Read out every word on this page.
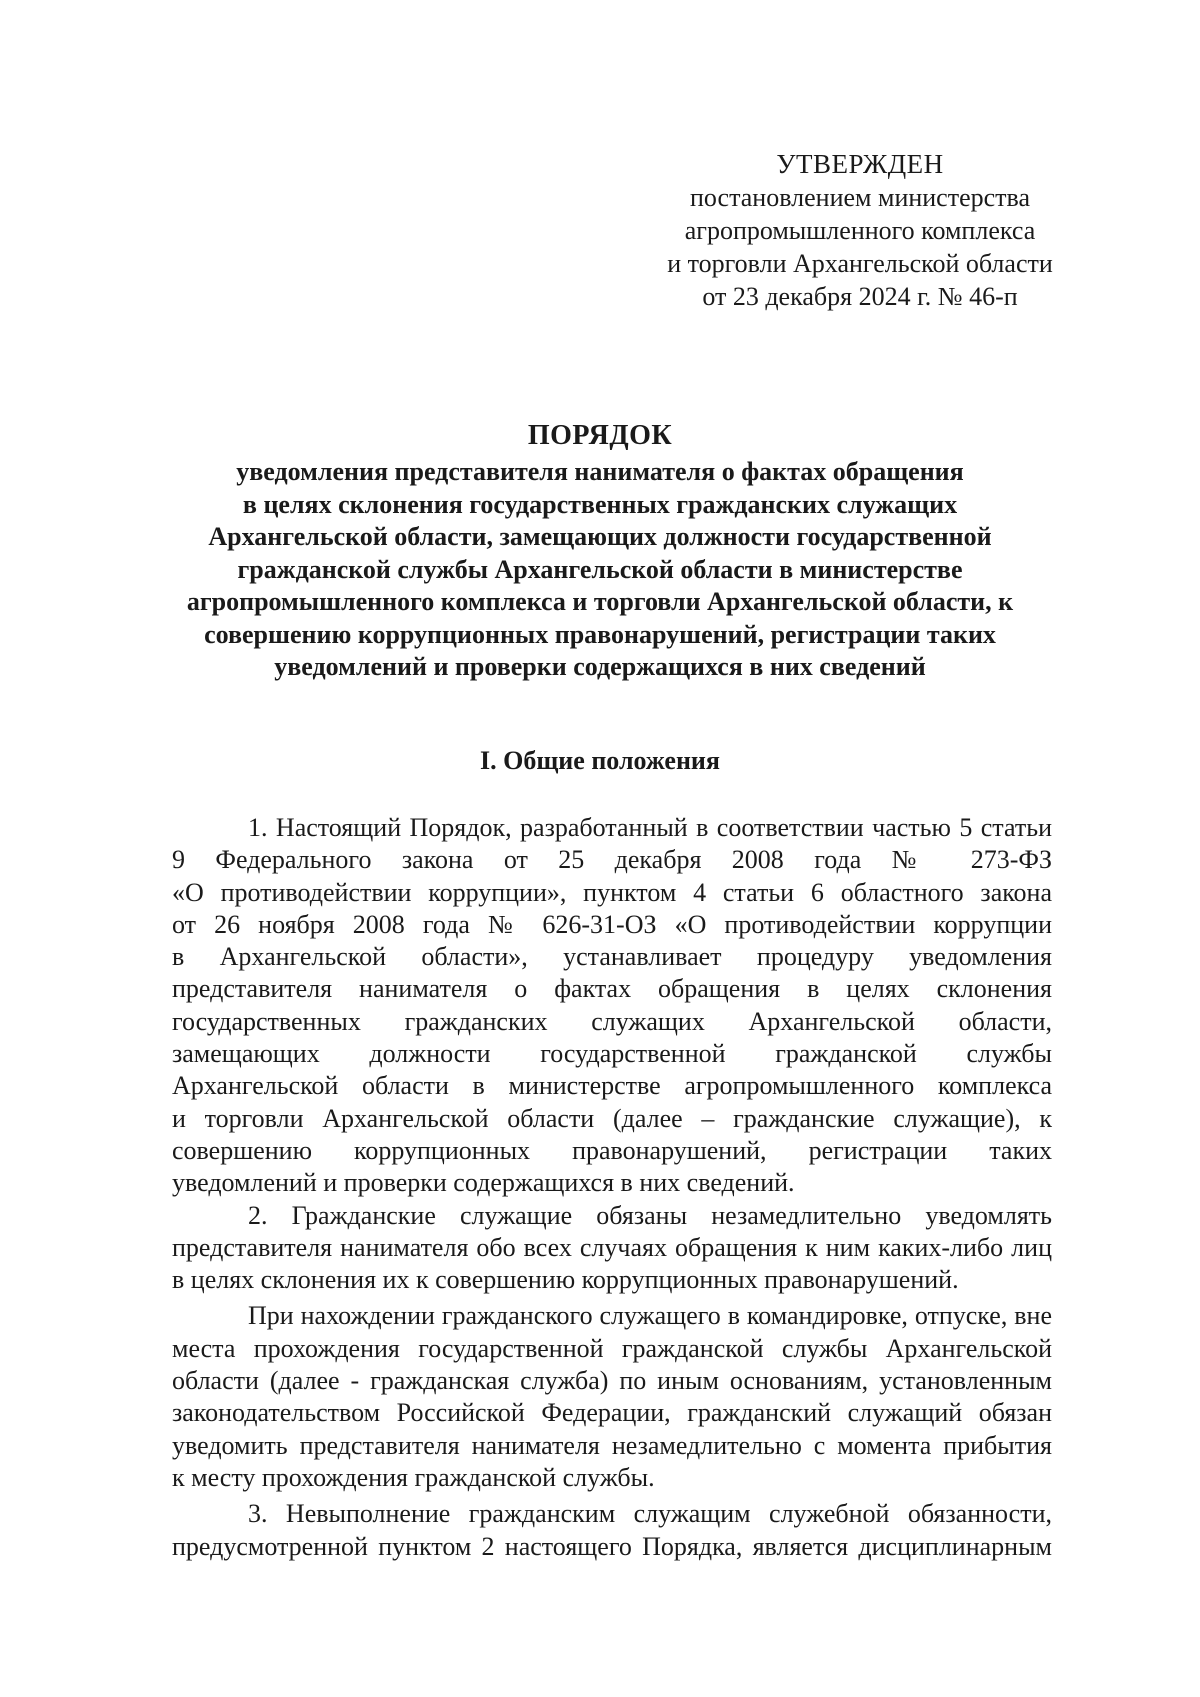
УТВЕРЖДЕН
постановлением министерства
агропромышленного комплекса
и торговли Архангельской области
от 23 декабря 2024 г. № 46-п
ПОРЯДОК
уведомления представителя нанимателя о фактах обращения
в целях склонения государственных гражданских служащих
Архангельской области, замещающих должности государственной
гражданской службы Архангельской области в министерстве
агропромышленного комплекса и торговли Архангельской области, к
совершению коррупционных правонарушений, регистрации таких
уведомлений и проверки содержащихся в них сведений
I. Общие положения
1. Настоящий Порядок, разработанный в соответствии частью 5 статьи
9 Федерального закона от 25 декабря 2008 года № 273-ФЗ
«О противодействии коррупции», пунктом 4 статьи 6 областного закона
от 26 ноября 2008 года № 626-31-ОЗ «О противодействии коррупции
в Архангельской области», устанавливает процедуру уведомления
представителя нанимателя о фактах обращения в целях склонения
государственных гражданских служащих Архангельской области,
замещающих должности государственной гражданской службы
Архангельской области в министерстве агропромышленного комплекса
и торговли Архангельской области (далее – гражданские служащие), к
совершению коррупционных правонарушений, регистрации таких
уведомлений и проверки содержащихся в них сведений.
2. Гражданские служащие обязаны незамедлительно уведомлять
представителя нанимателя обо всех случаях обращения к ним каких-либо лиц
в целях склонения их к совершению коррупционных правонарушений.
При нахождении гражданского служащего в командировке, отпуске, вне
места прохождения государственной гражданской службы Архангельской
области (далее - гражданская служба) по иным основаниям, установленным
законодательством Российской Федерации, гражданский служащий обязан
уведомить представителя нанимателя незамедлительно с момента прибытия
к месту прохождения гражданской службы.
3. Невыполнение гражданским служащим служебной обязанности,
предусмотренной пунктом 2 настоящего Порядка, является дисциплинарным
